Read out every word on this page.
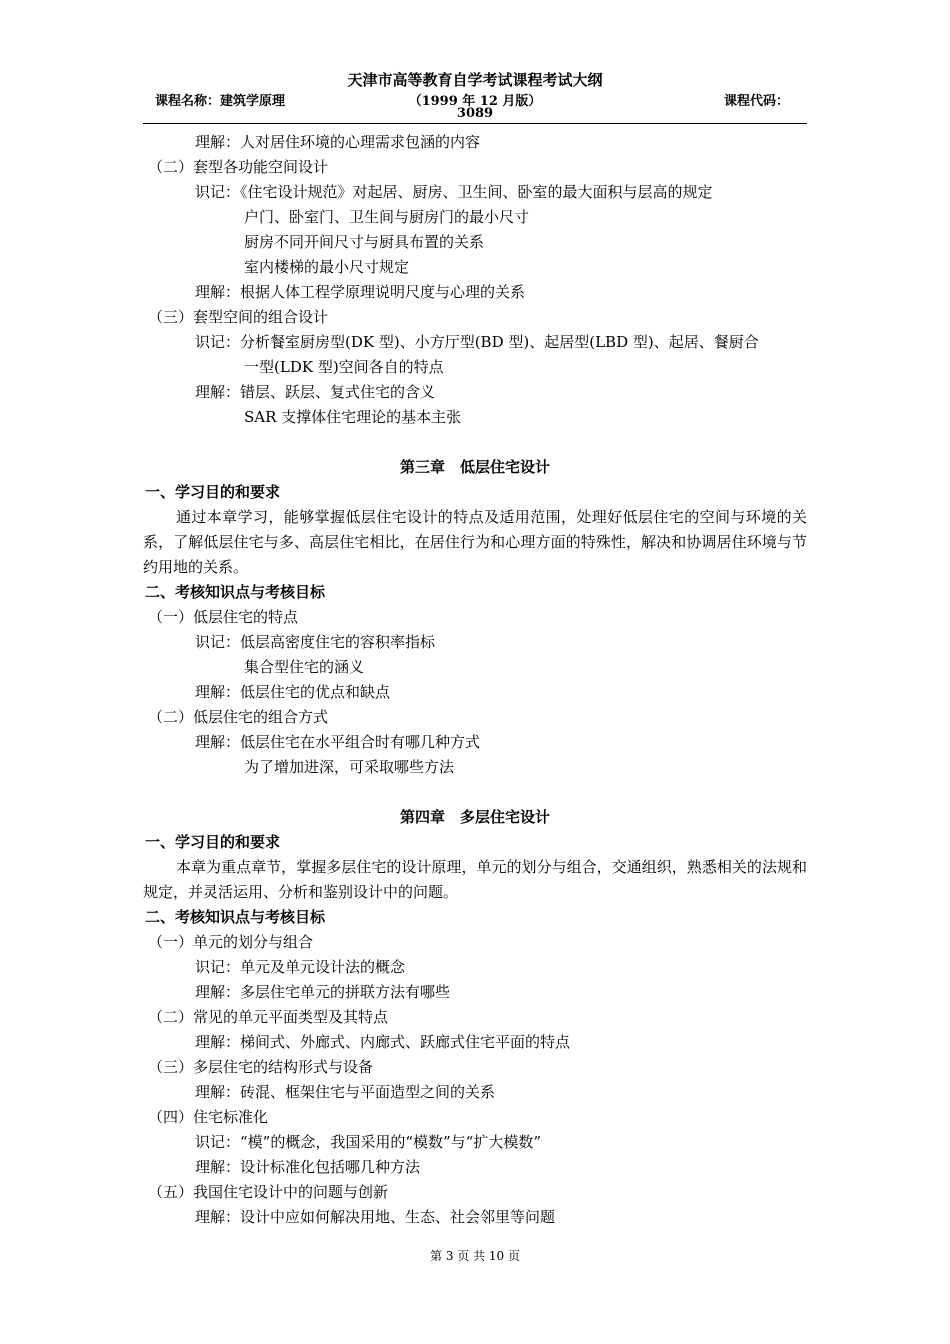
天津市高等教育自学考试课程考试大纲
课程名称：建筑学原理	（1999 年 12 月版）	课程代码：
3089
理解：人对居住环境的心理需求包涵的内容
（二）套型各功能空间设计
识记：《住宅设计规范》对起居、厨房、卫生间、卧室的最大面积与层高的规定
户门、卧室门、卫生间与厨房门的最小尺寸
厨房不同开间尺寸与厨具布置的关系
室内楼梯的最小尺寸规定
理解：根据人体工程学原理说明尺度与心理的关系
（三）套型空间的组合设计
识记：分析餐室厨房型(DK 型)、小方厅型(BD 型)、起居型(LBD 型)、起居、餐厨合
一型(LDK 型)空间各自的特点
理解：错层、跃层、复式住宅的含义
SAR 支撑体住宅理论的基本主张
第三章　低层住宅设计
一、学习目的和要求
通过本章学习，能够掌握低层住宅设计的特点及适用范围，处理好低层住宅的空间与环境的关系，了解低层住宅与多、高层住宅相比，在居住行为和心理方面的特殊性，解决和协调居住环境与节约用地的关系。
二、考核知识点与考核目标
（一）低层住宅的特点
识记：低层高密度住宅的容积率指标
集合型住宅的涵义
理解：低层住宅的优点和缺点
（二）低层住宅的组合方式
理解：低层住宅在水平组合时有哪几种方式
为了增加进深，可采取哪些方法
第四章　多层住宅设计
一、学习目的和要求
本章为重点章节，掌握多层住宅的设计原理，单元的划分与组合，交通组织，熟悉相关的法规和规定，并灵活运用、分析和鉴别设计中的问题。
二、考核知识点与考核目标
（一）单元的划分与组合
识记：单元及单元设计法的概念
理解：多层住宅单元的拼联方法有哪些
（二）常见的单元平面类型及其特点
理解：梯间式、外廊式、内廊式、跃廊式住宅平面的特点
（三）多层住宅的结构形式与设备
理解：砖混、框架住宅与平面造型之间的关系
（四）住宅标准化
识记：“模”的概念，我国采用的“模数”与“扩大模数”
理解：设计标准化包括哪几种方法
（五）我国住宅设计中的问题与创新
理解：设计中应如何解决用地、生态、社会邻里等问题
第 3 页 共 10 页
